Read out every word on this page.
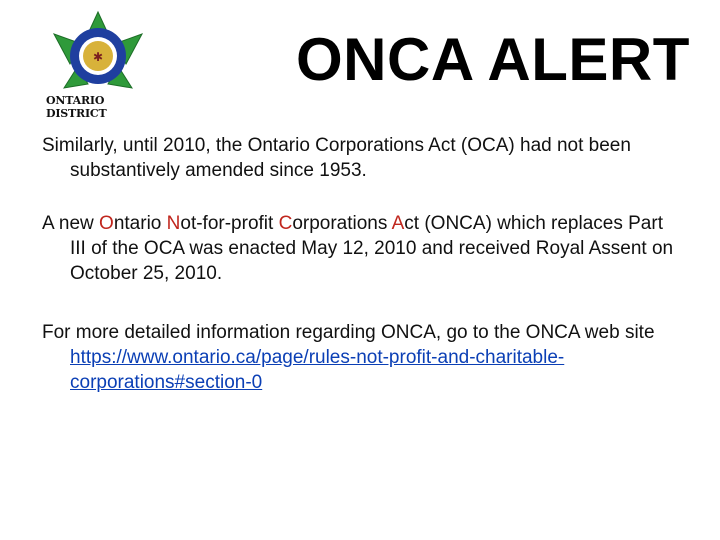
✱
ONTARIO DISTRICT
ONCA ALERT

Similarly, until 2010, the Ontario Corporations Act (OCA) had not been substantively amended since 1953.

A new Ontario Not-for-profit Corporations Act (ONCA) which replaces Part III of the OCA was enacted May 12, 2010 and received Royal Assent on October 25, 2010.

For more detailed information regarding ONCA, go to the ONCA web site
https://www.ontario.ca/page/rules-not-profit-and-charitable-corporations#section-0
